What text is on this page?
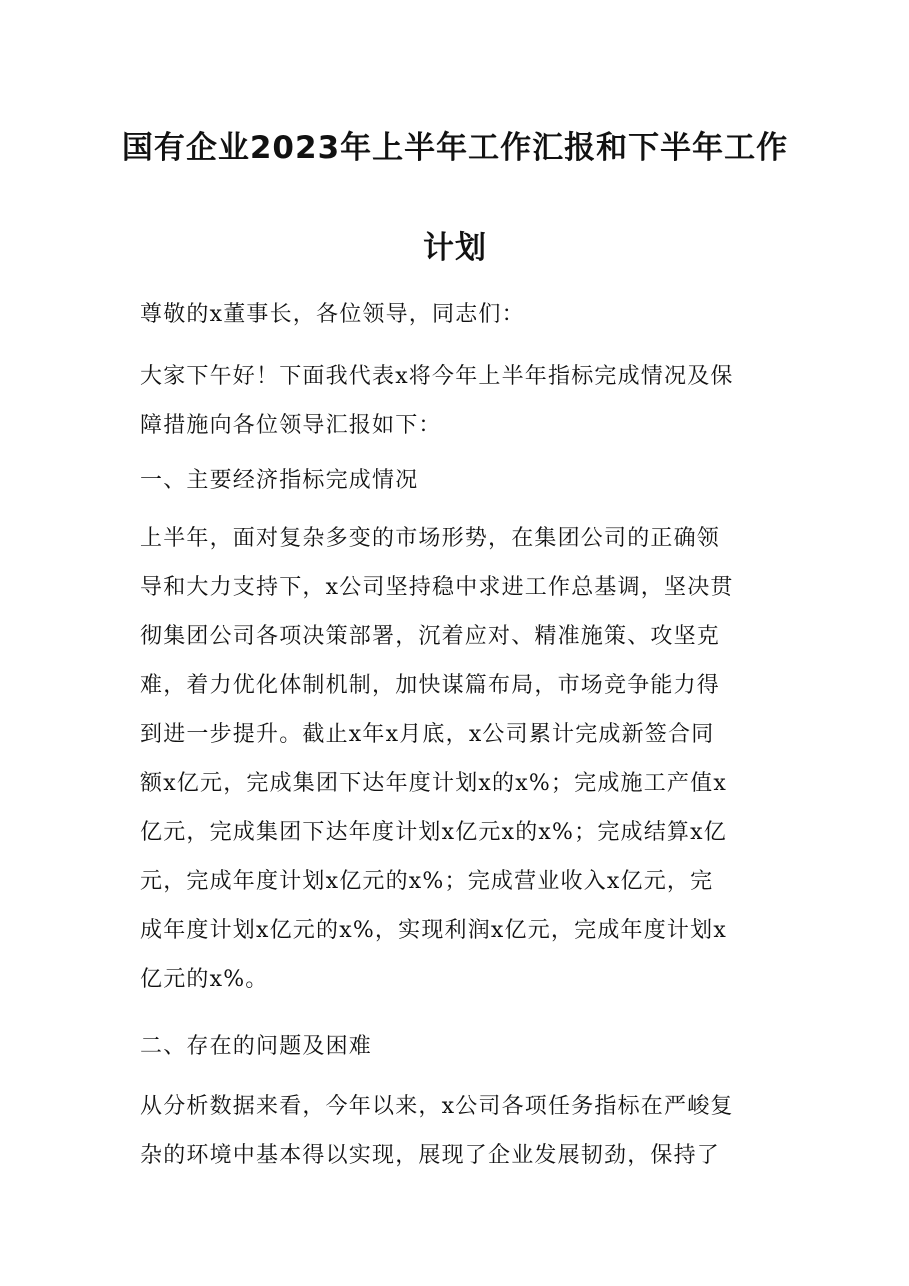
国有企业2023年上半年工作汇报和下半年工作
计划

尊敬的x董事长，各位领导，同志们：

大家下午好！下面我代表x将今年上半年指标完成情况及保
障措施向各位领导汇报如下：

一、主要经济指标完成情况

上半年，面对复杂多变的市场形势，在集团公司的正确领
导和大力支持下，x公司坚持稳中求进工作总基调，坚决贯
彻集团公司各项决策部署，沉着应对、精准施策、攻坚克
难，着力优化体制机制，加快谋篇布局，市场竞争能力得
到进一步提升。截止x年x月底，x公司累计完成新签合同
额x亿元，完成集团下达年度计划x的x%；完成施工产值x
亿元，完成集团下达年度计划x亿元x的x%；完成结算x亿
元，完成年度计划x亿元的x%；完成营业收入x亿元，完
成年度计划x亿元的x%，实现利润x亿元，完成年度计划x
亿元的x%。

二、存在的问题及困难

从分析数据来看，今年以来，x公司各项任务指标在严峻复
杂的环境中基本得以实现，展现了企业发展韧劲，保持了
